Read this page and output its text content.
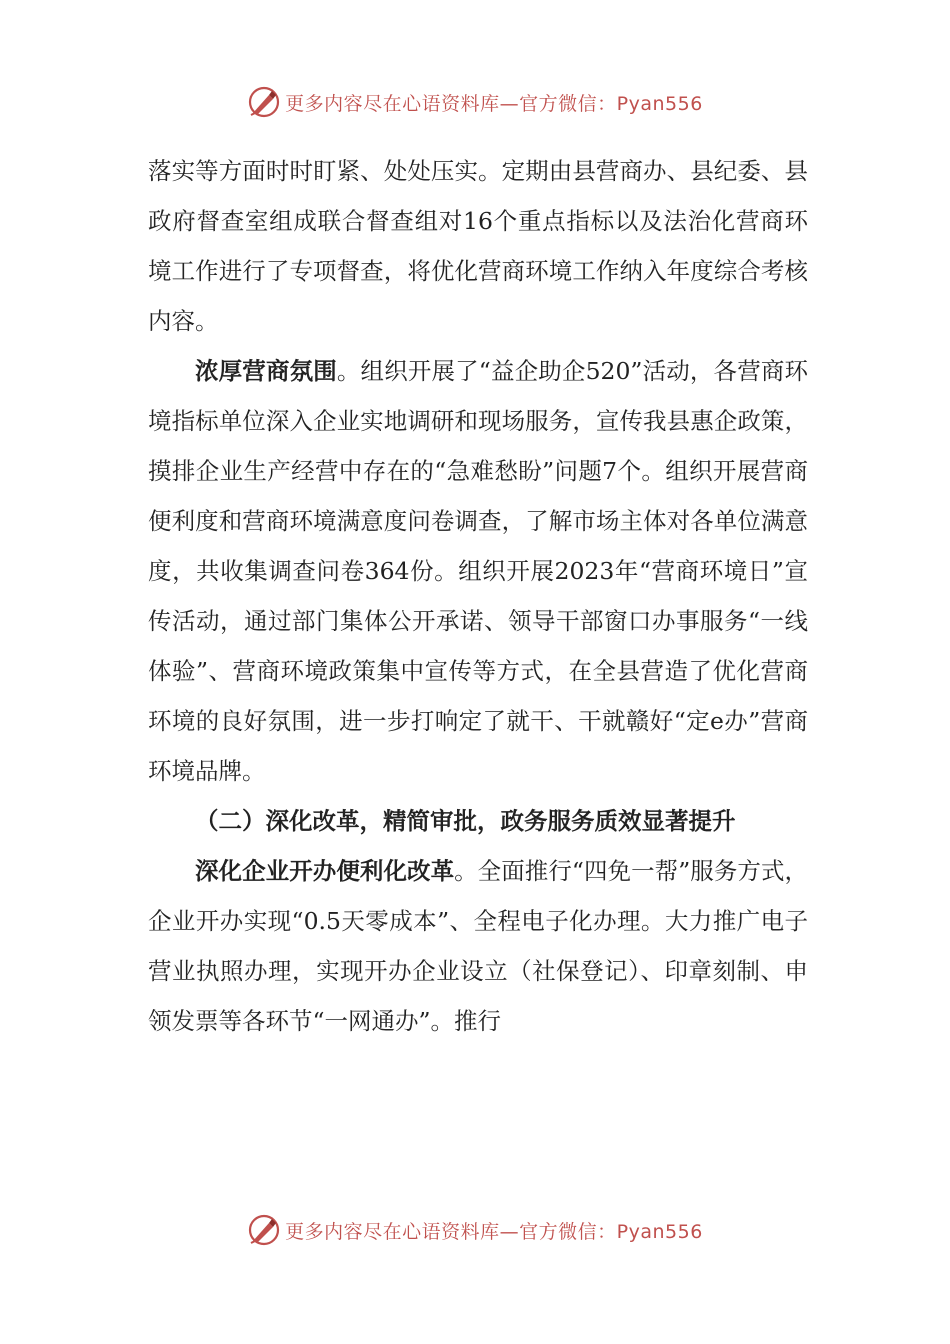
更多内容尽在心语资料库—官方微信：Pyan556

落实等方面时时盯紧、处处压实。定期由县营商办、县纪委、县政府督查室组成联合督查组对16个重点指标以及法治化营商环境工作进行了专项督查，将优化营商环境工作纳入年度综合考核内容。

浓厚营商氛围。组织开展了“益企助企520”活动，各营商环境指标单位深入企业实地调研和现场服务，宣传我县惠企政策，摸排企业生产经营中存在的“急难愁盼”问题7个。组织开展营商便利度和营商环境满意度问卷调查，了解市场主体对各单位满意度，共收集调查问卷364份。组织开展2023年“营商环境日”宣传活动，通过部门集体公开承诺、领导干部窗口办事服务“一线体验”、营商环境政策集中宣传等方式，在全县营造了优化营商环境的良好氛围，进一步打响定了就干、干就赣好“定e办”营商环境品牌。

（二）深化改革，精简审批，政务服务质效显著提升

深化企业开办便利化改革。全面推行“四免一帮”服务方式，企业开办实现“0.5天零成本”、全程电子化办理。大力推广电子营业执照办理，实现开办企业设立（社保登记）、印章刻制、申领发票等各环节“一网通办”。推行

更多内容尽在心语资料库—官方微信：Pyan556
